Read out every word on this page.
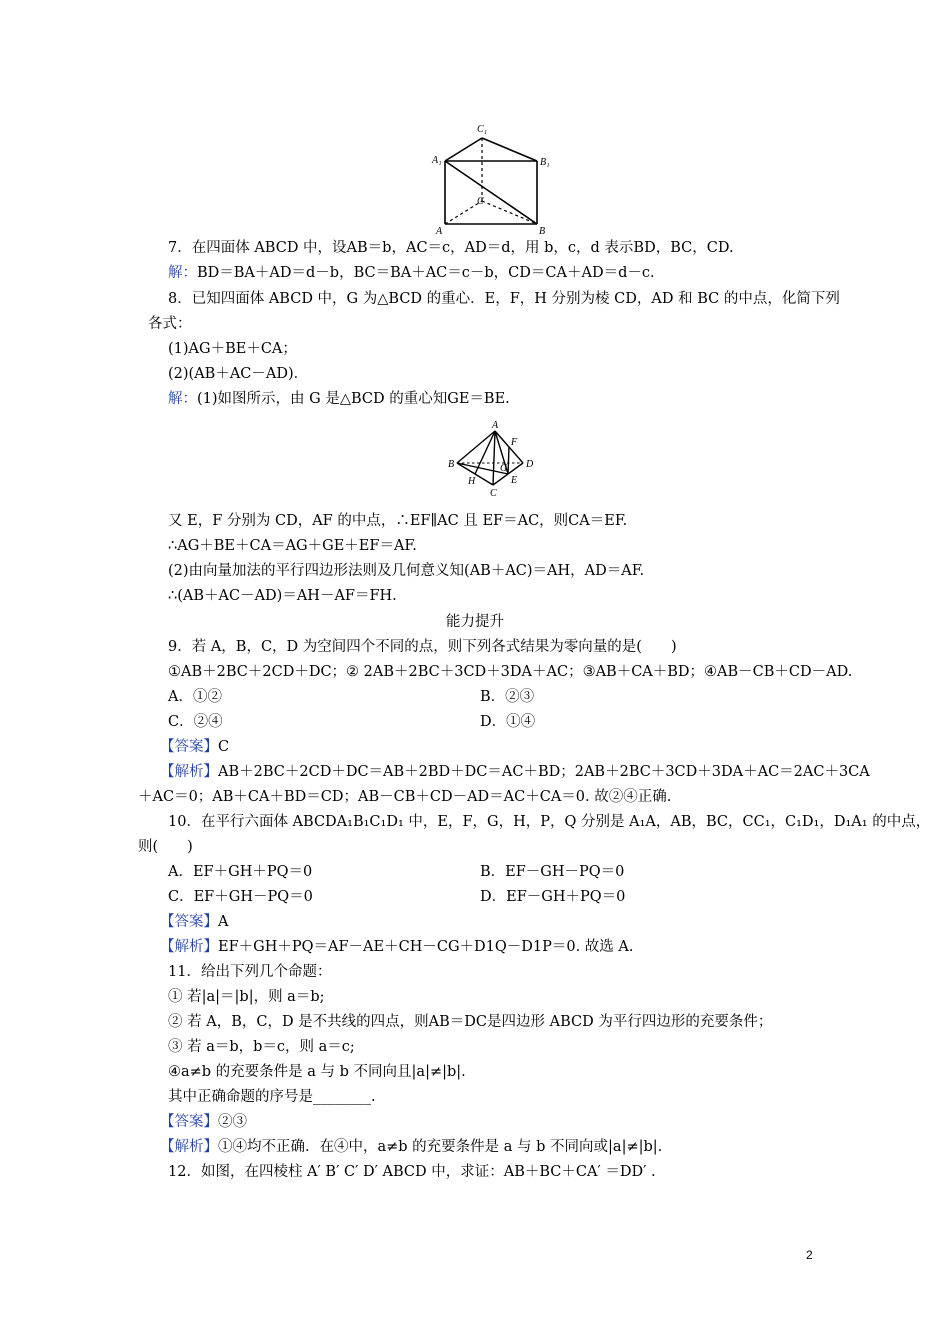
C₁
A₁	B₁
C
A	B
7．在四面体 ABCD 中，设AB＝b，AC＝c，AD＝d，用 b，c，d 表示BD，BC，CD.
解：BD＝BA＋AD＝d－b，BC＝BA＋AC＝c－b，CD＝CA＋AD＝d－c.
8．已知四面体 ABCD 中，G 为△BCD 的重心．E，F，H 分别为棱 CD，AD 和 BC 的中点，化简下列
各式：
(1)AG＋BE＋CA；
(2)(AB＋AC－AD)．
解：(1)如图所示，由 G 是△BCD 的重心知GE＝BE.
A
F
B	G D
H	E
C
又 E，F 分别为 CD，AF 的中点，∴EF∥AC 且 EF＝AC，则CA＝EF.
∴AG＋BE＋CA＝AG＋GE＋EF＝AF.
(2)由向量加法的平行四边形法则及几何意义知(AB＋AC)＝AH，AD＝AF.
∴(AB＋AC－AD)＝AH－AF＝FH.
能力提升
9．若 A，B，C，D 为空间四个不同的点，则下列各式结果为零向量的是(　　)
①AB＋2BC＋2CD＋DC；② 2AB＋2BC＋3CD＋3DA＋AC；③AB＋CA＋BD；④AB－CB＋CD－AD.
A．①②	B．②③
C．②④	D．①④
【答案】C
【解析】AB＋2BC＋2CD＋DC＝AB＋2BD＋DC＝AC＋BD；2AB＋2BC＋3CD＋3DA＋AC＝2AC＋3CA
＋AC＝0；AB＋CA＋BD＝CD；AB－CB＋CD－AD＝AC＋CA＝0. 故②④正确.
10．在平行六面体 ABCDA₁B₁C₁D₁ 中，E，F，G，H，P，Q 分别是 A₁A，AB，BC，CC₁，C₁D₁，D₁A₁ 的中点，
则(　　)
A．EF＋GH＋PQ＝0	B．EF－GH－PQ＝0
C．EF＋GH－PQ＝0	D．EF－GH＋PQ＝0
【答案】A
【解析】EF＋GH＋PQ＝AF－AE＋CH－CG＋D1Q－D1P＝0. 故选 A.
11．给出下列几个命题：
① 若|a|＝|b|，则 a＝b;
② 若 A，B，C，D 是不共线的四点，则AB＝DC是四边形 ABCD 为平行四边形的充要条件；
③ 若 a＝b，b＝c，则 a＝c;
④a≠b 的充要条件是 a 与 b 不同向且|a|≠|b|.
其中正确命题的序号是________.
【答案】②③
【解析】①④均不正确．在④中，a≠b 的充要条件是 a 与 b 不同向或|a|≠|b|.
12．如图，在四棱柱 A′ B′ C′ D′ ABCD 中，求证：AB＋BC＋CA′ ＝DD′ .
2
